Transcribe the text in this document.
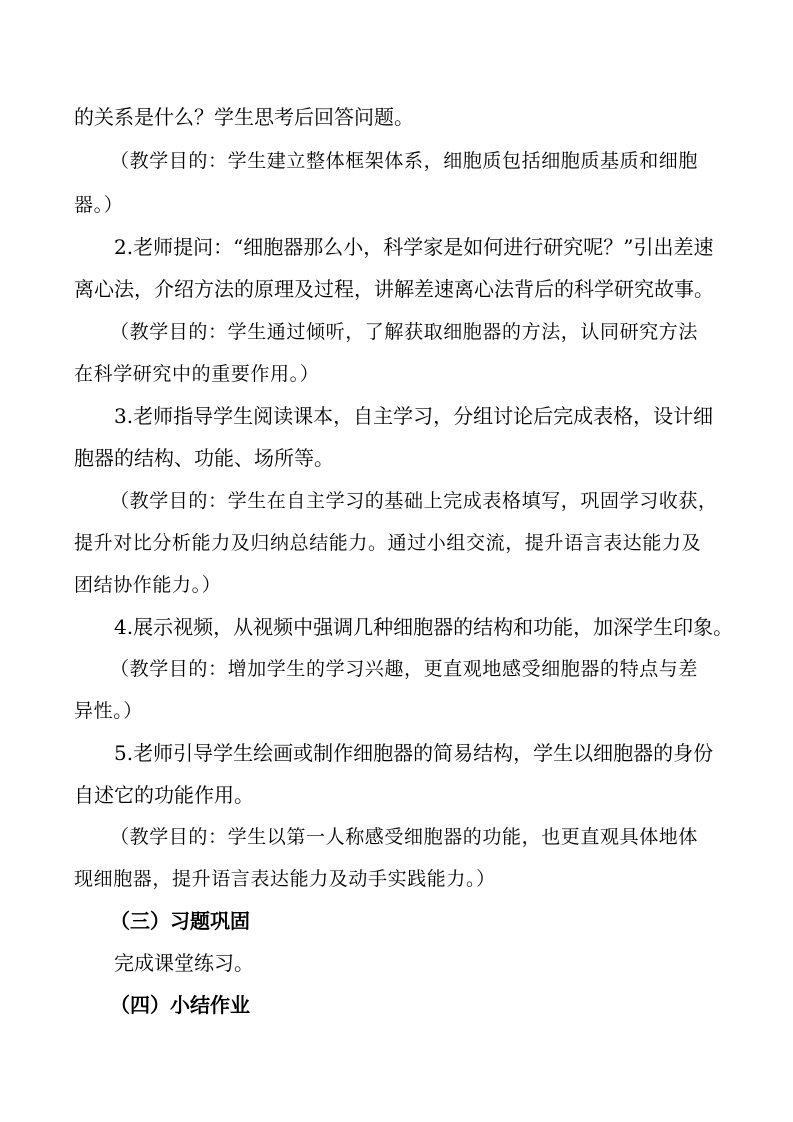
的关系是什么？学生思考后回答问题。
（教学目的：学生建立整体框架体系，细胞质包括细胞质基质和细胞
器。）
2.老师提问：“细胞器那么小，科学家是如何进行研究呢？”引出差速
离心法，介绍方法的原理及过程，讲解差速离心法背后的科学研究故事。
（教学目的：学生通过倾听，了解获取细胞器的方法，认同研究方法
在科学研究中的重要作用。）
3.老师指导学生阅读课本，自主学习，分组讨论后完成表格，设计细
胞器的结构、功能、场所等。
（教学目的：学生在自主学习的基础上完成表格填写，巩固学习收获，
提升对比分析能力及归纳总结能力。通过小组交流，提升语言表达能力及
团结协作能力。）
4.展示视频，从视频中强调几种细胞器的结构和功能，加深学生印象。
（教学目的：增加学生的学习兴趣，更直观地感受细胞器的特点与差
异性。）
5.老师引导学生绘画或制作细胞器的简易结构，学生以细胞器的身份
自述它的功能作用。
（教学目的：学生以第一人称感受细胞器的功能，也更直观具体地体
现细胞器，提升语言表达能力及动手实践能力。）
（三）习题巩固
完成课堂练习。
（四）小结作业
